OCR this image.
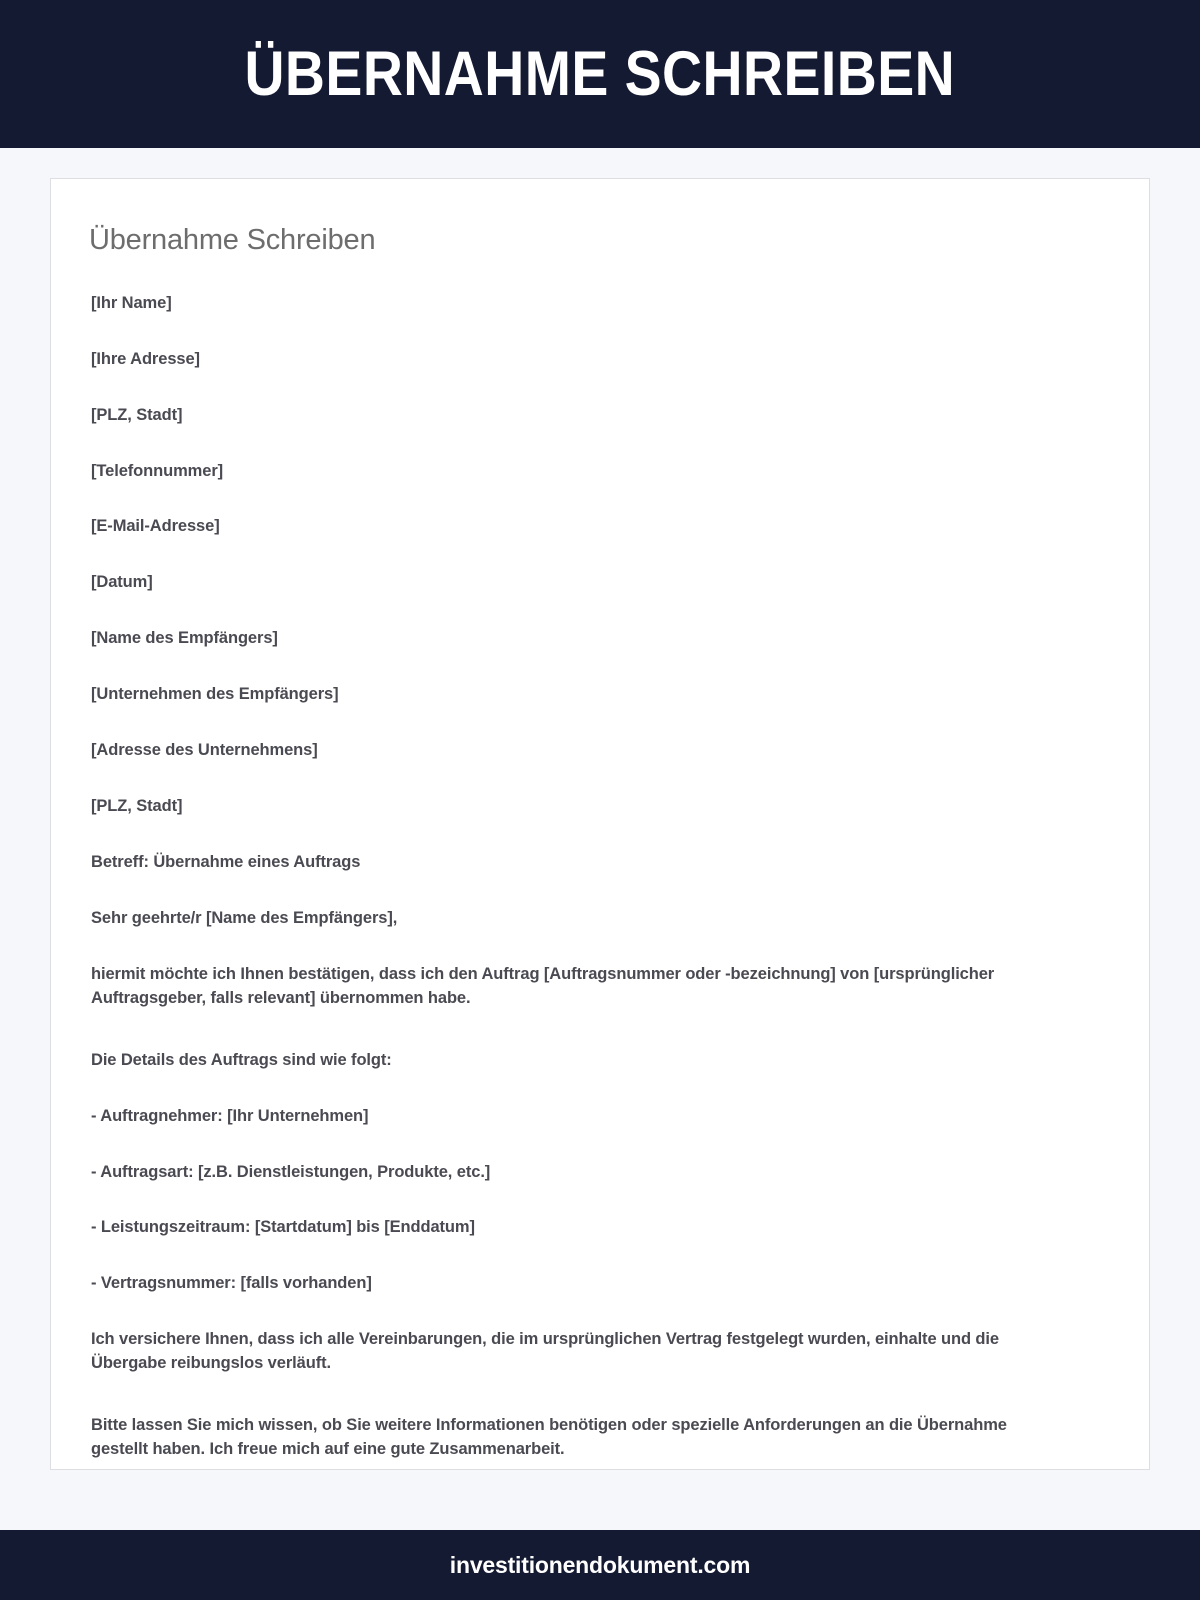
ÜBERNAHME SCHREIBEN
Übernahme Schreiben

[Ihr Name]

[Ihre Adresse]

[PLZ, Stadt]

[Telefonnummer]

[E-Mail-Adresse]

[Datum]

[Name des Empfängers]

[Unternehmen des Empfängers]

[Adresse des Unternehmens]

[PLZ, Stadt]

Betreff: Übernahme eines Auftrags

Sehr geehrte/r [Name des Empfängers],

hiermit möchte ich Ihnen bestätigen, dass ich den Auftrag [Auftragsnummer oder -bezeichnung] von [ursprünglicher Auftragsgeber, falls relevant] übernommen habe.

Die Details des Auftrags sind wie folgt:

- Auftragnehmer: [Ihr Unternehmen]

- Auftragsart: [z.B. Dienstleistungen, Produkte, etc.]

- Leistungszeitraum: [Startdatum] bis [Enddatum]

- Vertragsnummer: [falls vorhanden]

Ich versichere Ihnen, dass ich alle Vereinbarungen, die im ursprünglichen Vertrag festgelegt wurden, einhalte und die Übergabe reibungslos verläuft.

Bitte lassen Sie mich wissen, ob Sie weitere Informationen benötigen oder spezielle Anforderungen an die Übernahme gestellt haben. Ich freue mich auf eine gute Zusammenarbeit.

investitionendokument.com
